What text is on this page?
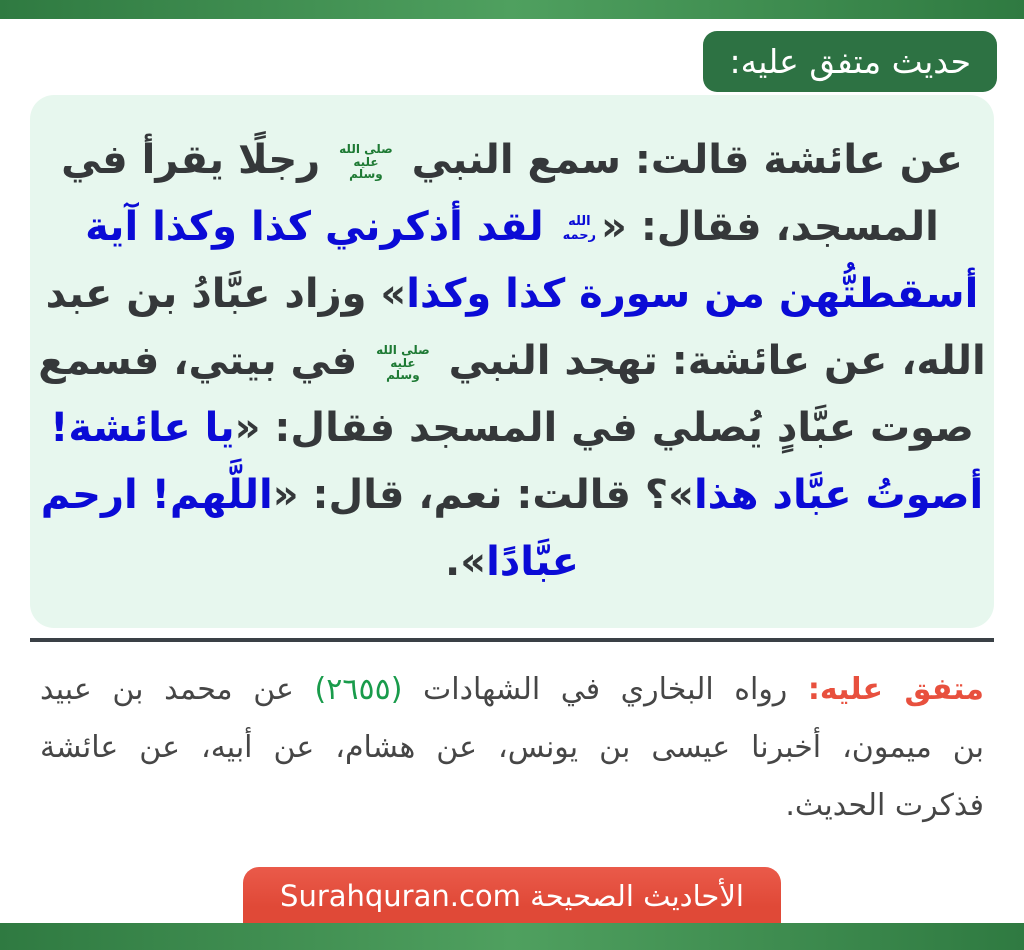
حديث متفق عليه:
عن عائشة قالت: سمع النبي
صلى الله
عليه
وسلم
رجلًا يقرأ في
المسجد، فقال: «
الله
رحمه
لقد أذكرني كذا وكذا آية
أسقطتُّهن من سورة كذا وكذا» وزاد عبَّادُ بن عبد
الله، عن عائشة: تهجد النبي
صلى الله
عليه
وسلم
في بيتي، فسمع
صوت عبَّادٍ يُصلي في المسجد فقال: «يا عائشة!
أصوتُ عبَّاد هذا»؟ قالت: نعم، قال: «اللَّهم! ارحم
عبَّادًا».
متفق عليه: رواه البخاري في الشهادات (٢٦٥٥) عن محمد بن عبيد
بن ميمون، أخبرنا عيسى بن يونس، عن هشام، عن أبيه، عن عائشة
فذكرت الحديث.
الأحاديث الصحيحة Surahquran.com
